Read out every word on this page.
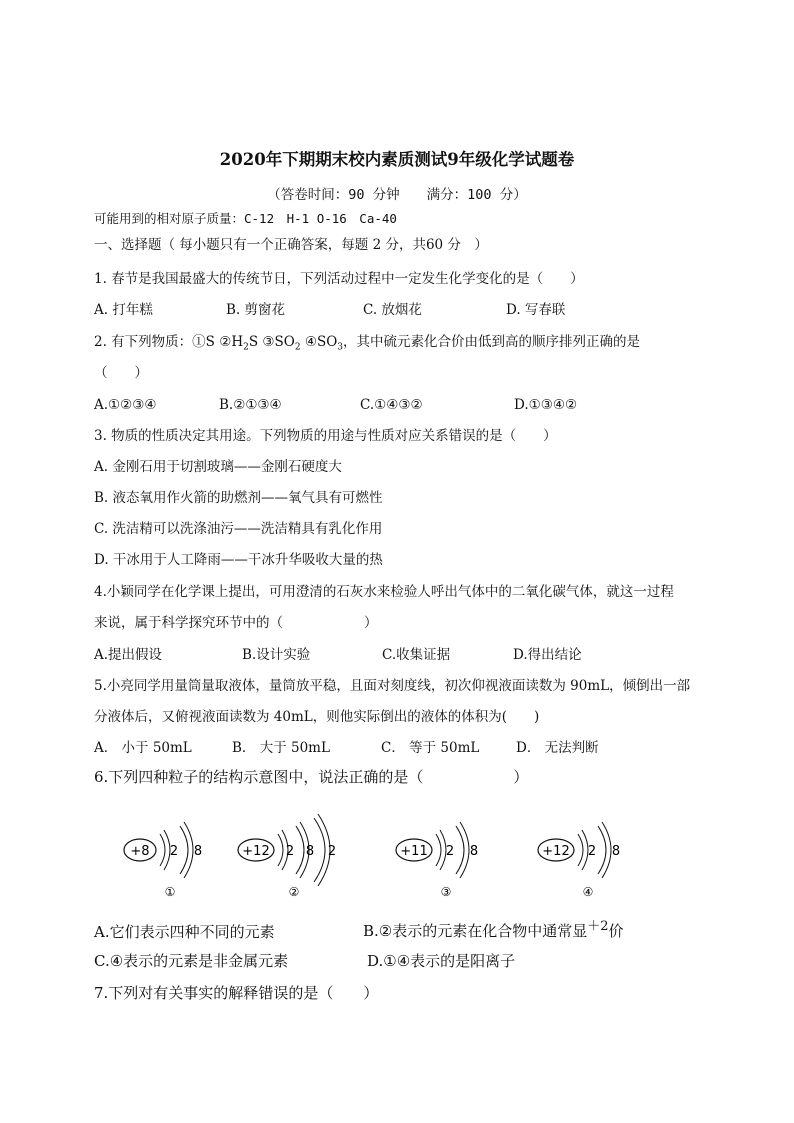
2020年下期期末校内素质测试9年级化学试题卷
（答卷时间：90 分钟　　满分：100 分）
可能用到的相对原子质量：C-12　H-1 O-16　Ca-40
一、选择题（ 每小题只有一个正确答案，每题 2 分，共60 分　）
1. 春节是我国最盛大的传统节日，下列活动过程中一定发生化学变化的是（　　）
A. 打年糕	B. 剪窗花	C. 放烟花	D. 写春联
2. 有下列物质：①S $②H_2S$ $③SO_2$ $④SO_3$，其中硫元素化合价由低到高的顺序排列正确的是
（　　）
A.①②③④	B.②①③④	C.①④③②	D.①③④②
3. 物质的性质决定其用途。下列物质的用途与性质对应关系错误的是（　　）
A. 金刚石用于切割玻璃——金刚石硬度大
B. 液态氧用作火箭的助燃剂——氧气具有可燃性
C. 洗洁精可以洗涤油污——洗洁精具有乳化作用
D. 干冰用于人工降雨——干冰升华吸收大量的热
4.小颖同学在化学课上提出，可用澄清的石灰水来检验人呼出气体中的二氧化碳气体，就这一过程
来说，属于科学探究环节中的（　　　　　　）
A.提出假设	B.设计实验	C.收集证据	D.得出结论
5.小亮同学用量筒量取液体，量筒放平稳，且面对刻度线，初次仰视液面读数为 90mL，倾倒出一部
分液体后，又俯视液面读数为 40mL，则他实际倒出的液体的体积为(　　)
A． 小于 50mL	B． 大于 50mL	C． 等于 50mL	D． 无法判断
6.下列四种粒子的结构示意图中，说法正确的是（　　　　　　）
+8 2 8
①
+12 2 8 2
②
+11 2 8
③
+12 2 8
④
A.它们表示四种不同的元素	B.②表示的元素在化合物中通常显$^{+2}$价
C.④表示的元素是非金属元素	D.①④表示的是阳离子
7.下列对有关事实的解释错误的是（　　）
